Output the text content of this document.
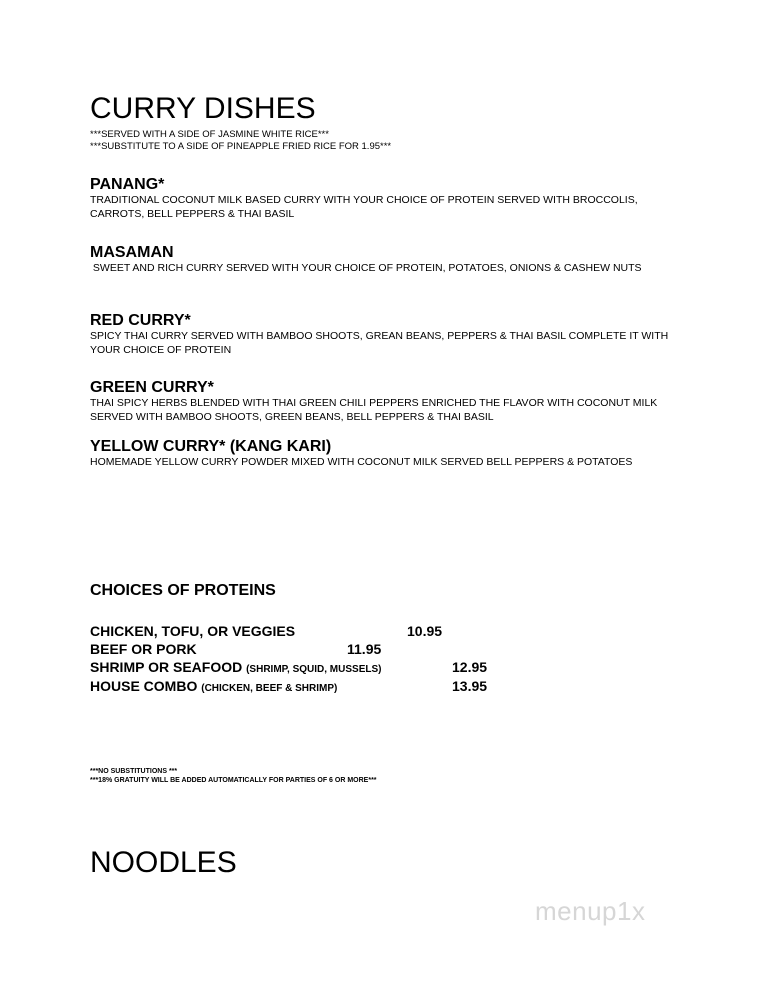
CURRY DISHES
***SERVED WITH A SIDE OF JASMINE WHITE RICE***
***SUBSTITUTE TO A SIDE OF PINEAPPLE FRIED RICE FOR 1.95***
PANANG*
TRADITIONAL COCONUT MILK BASED CURRY WITH YOUR CHOICE OF PROTEIN SERVED WITH BROCCOLIS, CARROTS, BELL PEPPERS & THAI BASIL
MASAMAN
SWEET AND RICH CURRY SERVED WITH YOUR CHOICE OF PROTEIN, POTATOES, ONIONS & CASHEW NUTS
RED CURRY*
SPICY THAI CURRY SERVED WITH BAMBOO SHOOTS, GREAN BEANS, PEPPERS & THAI BASIL COMPLETE IT WITH YOUR CHOICE OF PROTEIN
GREEN CURRY*
THAI SPICY HERBS BLENDED WITH THAI GREEN CHILI PEPPERS ENRICHED THE FLAVOR WITH COCONUT MILK SERVED WITH BAMBOO SHOOTS, GREEN BEANS, BELL PEPPERS & THAI BASIL
YELLOW CURRY* (KANG KARI)
HOMEMADE YELLOW CURRY POWDER MIXED WITH COCONUT MILK SERVED BELL PEPPERS & POTATOES
CHOICES OF PROTEINS
CHICKEN, TOFU, OR VEGGIES	10.95
BEEF OR PORK	11.95
SHRIMP OR SEAFOOD (SHRIMP, SQUID, MUSSELS)	12.95
HOUSE COMBO (CHICKEN, BEEF & SHRIMP)	13.95
***NO SUBSTITUTIONS ***
***18% GRATUITY WILL BE ADDED AUTOMATICALLY FOR PARTIES OF 6 OR MORE***
NOODLES
menup1x
